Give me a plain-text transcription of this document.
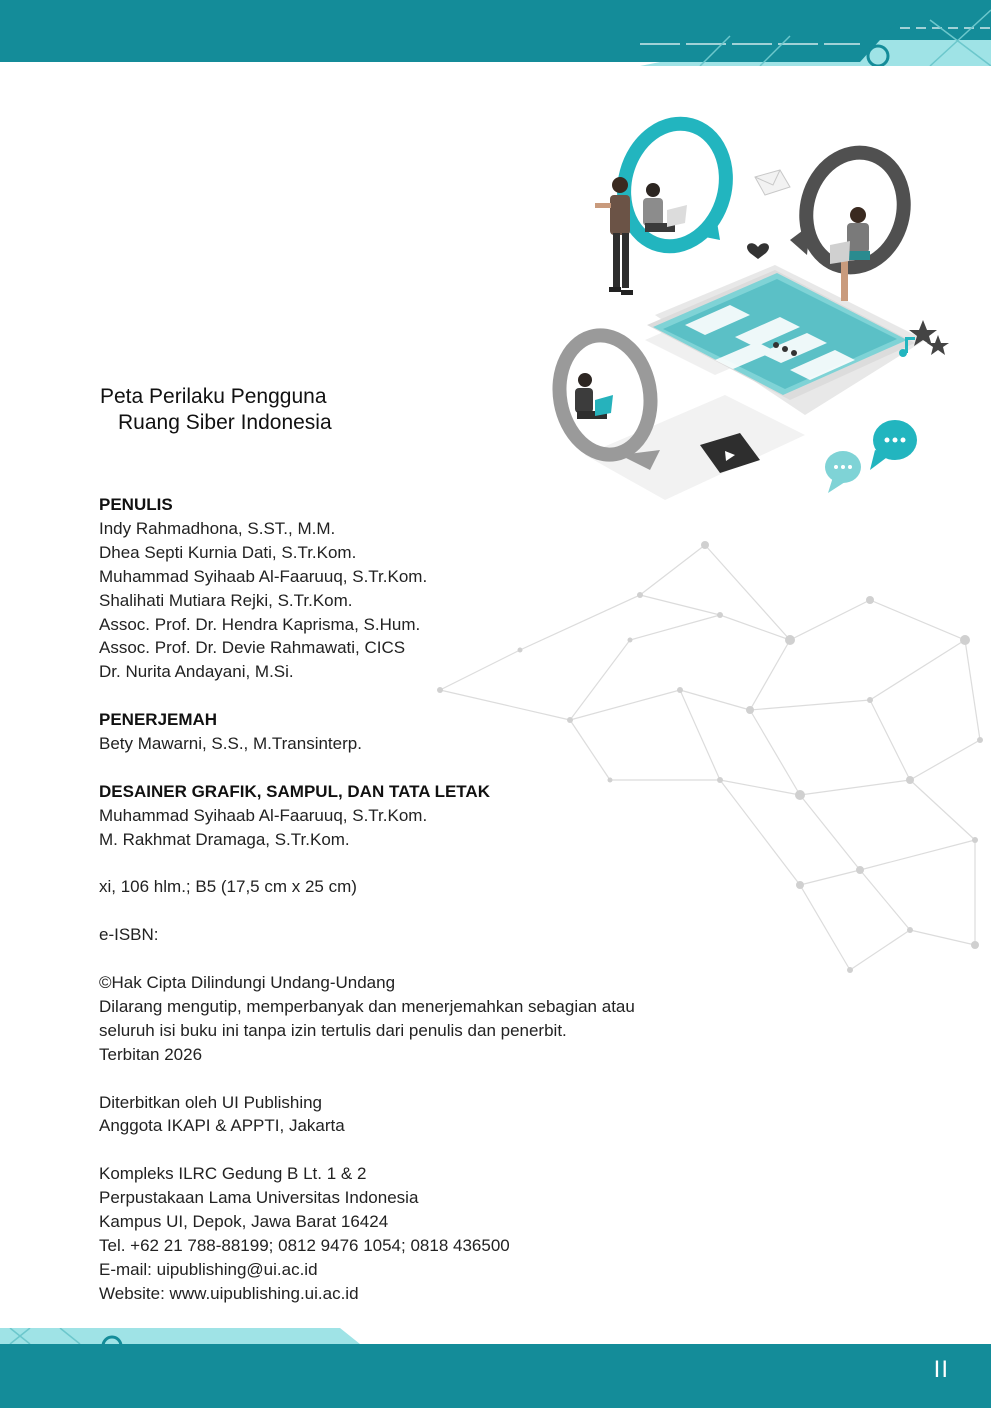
Peta Perilaku Pengguna
Ruang Siber Indonesia
PENULIS
Indy Rahmadhona, S.ST., M.M.
Dhea Septi Kurnia Dati, S.Tr.Kom.
Muhammad Syihaab Al-Faaruuq, S.Tr.Kom.
Shalihati Mutiara Rejki, S.Tr.Kom.
Assoc. Prof. Dr. Hendra Kaprisma, S.Hum.
Assoc. Prof. Dr. Devie Rahmawati, CICS
Dr. Nurita Andayani, M.Si.
PENERJEMAH
Bety Mawarni, S.S., M.Transinterp.
DESAINER GRAFIK, SAMPUL, DAN TATA LETAK
Muhammad Syihaab Al-Faaruuq, S.Tr.Kom.
M. Rakhmat Dramaga, S.Tr.Kom.
xi, 106 hlm.; B5 (17,5 cm x 25 cm)
e-ISBN:
©Hak Cipta Dilindungi Undang-Undang
Dilarang mengutip, memperbanyak dan menerjemahkan sebagian atau
seluruh isi buku ini tanpa izin tertulis dari penulis dan penerbit.
Terbitan 2026
Diterbitkan oleh UI Publishing
Anggota IKAPI & APPTI, Jakarta
Kompleks ILRC Gedung B Lt. 1 & 2
Perpustakaan Lama Universitas Indonesia
Kampus UI, Depok, Jawa Barat 16424
Tel. +62 21 788-88199; 0812 9476 1054; 0818 436500
E-mail: uipublishing@ui.ac.id
Website: www.uipublishing.ui.ac.id
II
